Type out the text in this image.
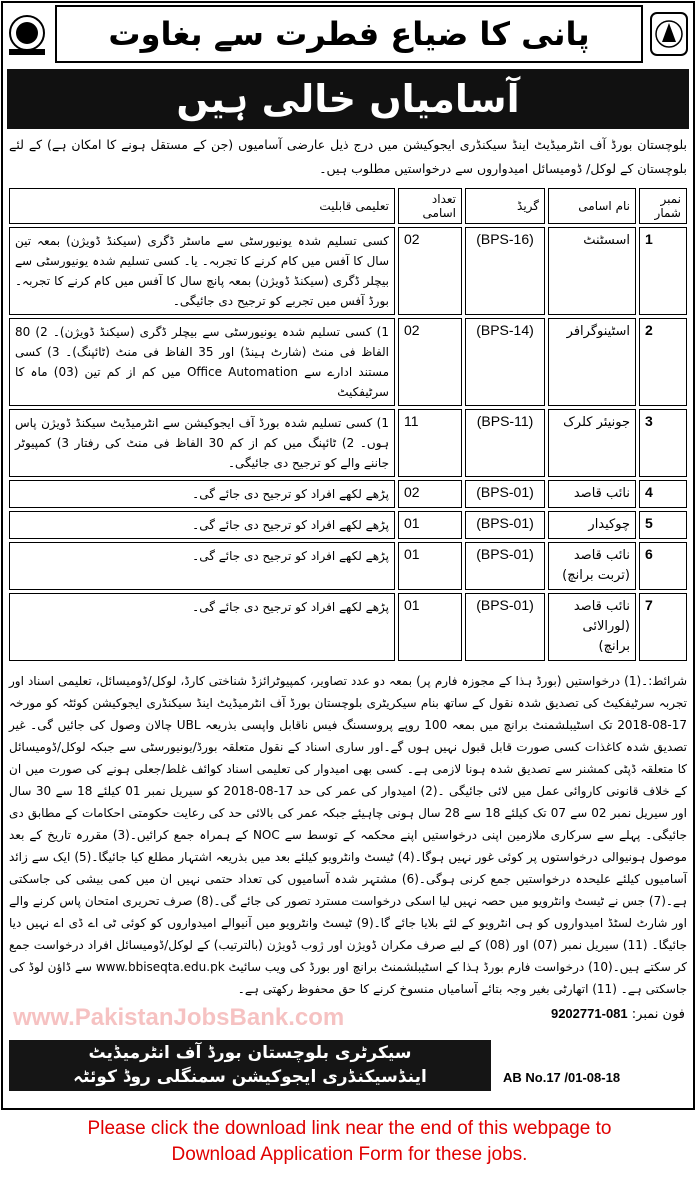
پانی کا ضیاع فطرت سے بغاوت
آسامیاں خالی ہیں
بلوچستان بورڈ آف انٹرمیڈیٹ اینڈ سیکنڈری ایجوکیشن میں درج ذیل عارضی آسامیوں (جن کے مستقل ہونے کا امکان ہے) کے لئے بلوچستان کے لوکل/ ڈومیسائل امیدواروں سے درخواستیں مطلوب ہیں۔
نمبر شمار	نام اسامی	گریڈ	تعداد اسامی	تعلیمی قابلیت
1	اسسٹنٹ	(BPS-16)	02	کسی تسلیم شدہ یونیورسٹی سے ماسٹر ڈگری (سیکنڈ ڈویژن) بمعہ تین سال کا آفس میں کام کرنے کا تجربہ۔ یا۔ کسی تسلیم شدہ یونیورسٹی سے بیچلر ڈگری (سیکنڈ ڈویژن) بمعہ پانچ سال کا آفس میں کام کرنے کا تجربہ۔ بورڈ آفس میں تجربے کو ترجیح دی جائیگی۔
2	اسٹینوگرافر	(BPS-14)	02	1) کسی تسلیم شدہ یونیورسٹی سے بیچلر ڈگری (سیکنڈ ڈویژن)۔ 2) 80 الفاظ فی منٹ (شارٹ ہینڈ) اور 35 الفاظ فی منٹ (ٹائپنگ)۔ 3) کسی مستند ادارے سے Office Automation میں کم از کم تین (03) ماہ کا سرٹیفکیٹ
3	جونیئر کلرک	(BPS-11)	11	1) کسی تسلیم شدہ بورڈ آف ایجوکیشن سے انٹرمیڈیٹ سیکنڈ ڈویژن پاس ہوں۔ 2) ٹائپنگ میں کم از کم 30 الفاظ فی منٹ کی رفتار 3) کمپیوٹر جاننے والے کو ترجیح دی جائیگی۔
4	نائب قاصد	(BPS-01)	02	پڑھے لکھے افراد کو ترجیح دی جائے گی۔
5	چوکیدار	(BPS-01)	01	پڑھے لکھے افراد کو ترجیح دی جائے گی۔
6	نائب قاصد (تربت برانچ)	(BPS-01)	01	پڑھے لکھے افراد کو ترجیح دی جائے گی۔
7	نائب قاصد (لورالائی برانچ)	(BPS-01)	01	پڑھے لکھے افراد کو ترجیح دی جائے گی۔
شرائط:۔(1) درخواستیں (بورڈ ہذا کے مجوزہ فارم پر) بمعہ دو عدد تصاویر، کمپیوٹرائزڈ شناختی کارڈ، لوکل/ڈومیسائل، تعلیمی اسناد اور تجربہ سرٹیفکیٹ کی تصدیق شدہ نقول کے ساتھ بنام سیکریٹری بلوچستان بورڈ آف انٹرمیڈیٹ اینڈ سیکنڈری ایجوکیشن کوئٹہ کو مورخہ 17-08-2018 تک اسٹیبلشمنٹ برانچ میں بمعہ 100 روپے پروسسنگ فیس ناقابل واپسی بذریعہ UBL چالان وصول کی جائیں گی۔ غیر تصدیق شدہ کاغذات کسی صورت قابل قبول نہیں ہوں گے۔اور ساری اسناد کے نقول متعلقہ بورڈ/یونیورسٹی سے جبکہ لوکل/ڈومیسائل کا متعلقہ ڈپٹی کمشنر سے تصدیق شدہ ہونا لازمی ہے۔ کسی بھی امیدوار کی تعلیمی اسناد کوائف غلط/جعلی ہونے کی صورت میں ان کے خلاف قانونی کاروائی عمل میں لائی جائیگی ۔(2) امیدوار کی عمر کی حد 17-08-2018 کو سیریل نمبر 01 کیلئے 18 سے 30 سال اور سیریل نمبر 02 سے 07 تک کیلئے 18 سے 28 سال ہونی چاہیئے جبکہ عمر کی بالائی حد کی رعایت حکومتی احکامات کے مطابق دی جائیگی۔ پہلے سے سرکاری ملازمین اپنی درخواستیں اپنے محکمہ کے توسط سے NOC کے ہمراہ جمع کرائیں۔(3) مقررہ تاریخ کے بعد موصول ہونیوالی درخواستوں پر کوئی غور نہیں ہوگا۔(4) ٹیسٹ وانٹرویو کیلئے بعد میں بذریعہ اشتہار مطلع کیا جائیگا۔(5) ایک سے زائد آسامیوں کیلئے علیحدہ درخواستیں جمع کرنی ہوگی۔(6) مشتہر شدہ آسامیوں کی تعداد حتمی نہیں ان میں کمی بیشی کی جاسکتی ہے۔(7) جس نے ٹیسٹ وانٹرویو میں حصہ نہیں لیا اسکی درخواست مسترد تصور کی جائے گی۔(8) صرف تحریری امتحان پاس کرنے والے اور شارٹ لسٹڈ امیدواروں کو ہی انٹرویو کے لئے بلایا جائے گا۔(9) ٹیسٹ وانٹرویو میں آنیوالے امیدواروں کو کوئی ٹی اے ڈی اے نہیں دیا جائیگا۔ (11) سیریل نمبر (07) اور (08) کے لیے صرف مکران ڈویژن اور ژوب ڈویژن (بالترتیب) کے لوکل/ڈومیسائل افراد درخواست جمع کر سکتے ہیں۔(10) درخواست فارم بورڈ ہذا کے اسٹیبلشمنٹ برانچ اور بورڈ کی ویب سائیٹ www.bbiseqta.edu.pk سے ڈاؤن لوڈ کی جاسکتی ہے۔ (11) اتھارٹی بغیر وجہ بتائے آسامیاں منسوخ کرنے کا حق محفوظ رکھتی ہے۔
www.PakistanJobsBank.com	فون نمبر: 081-9202771
سیکرٹری بلوچستان بورڈ آف انٹرمیڈیٹ
اینڈسیکنڈری ایجوکیشن سمنگلی روڈ کوئٹہ	AB No.17 /01-08-18
Please click the download link near the end of this webpage to
Download Application Form for these jobs.
